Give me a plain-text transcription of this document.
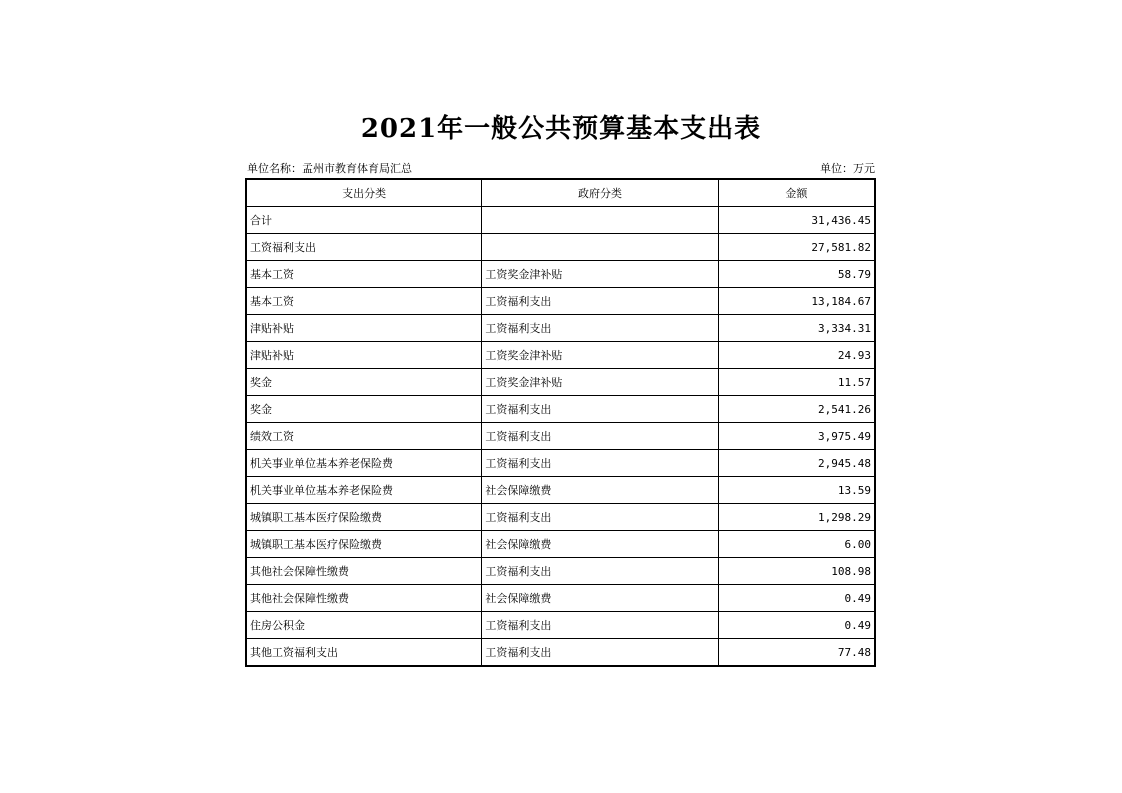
2021年一般公共预算基本支出表
单位名称：孟州市教育体育局汇总	单位：万元
支出分类	政府分类	金额
合计		31,436.45
工资福利支出		27,581.82
基本工资	工资奖金津补贴	58.79
基本工资	工资福利支出	13,184.67
津贴补贴	工资福利支出	3,334.31
津贴补贴	工资奖金津补贴	24.93
奖金	工资奖金津补贴	11.57
奖金	工资福利支出	2,541.26
绩效工资	工资福利支出	3,975.49
机关事业单位基本养老保险费	工资福利支出	2,945.48
机关事业单位基本养老保险费	社会保障缴费	13.59
城镇职工基本医疗保险缴费	工资福利支出	1,298.29
城镇职工基本医疗保险缴费	社会保障缴费	6.00
其他社会保障性缴费	工资福利支出	108.98
其他社会保障性缴费	社会保障缴费	0.49
住房公积金	工资福利支出	0.49
其他工资福利支出	工资福利支出	77.48
